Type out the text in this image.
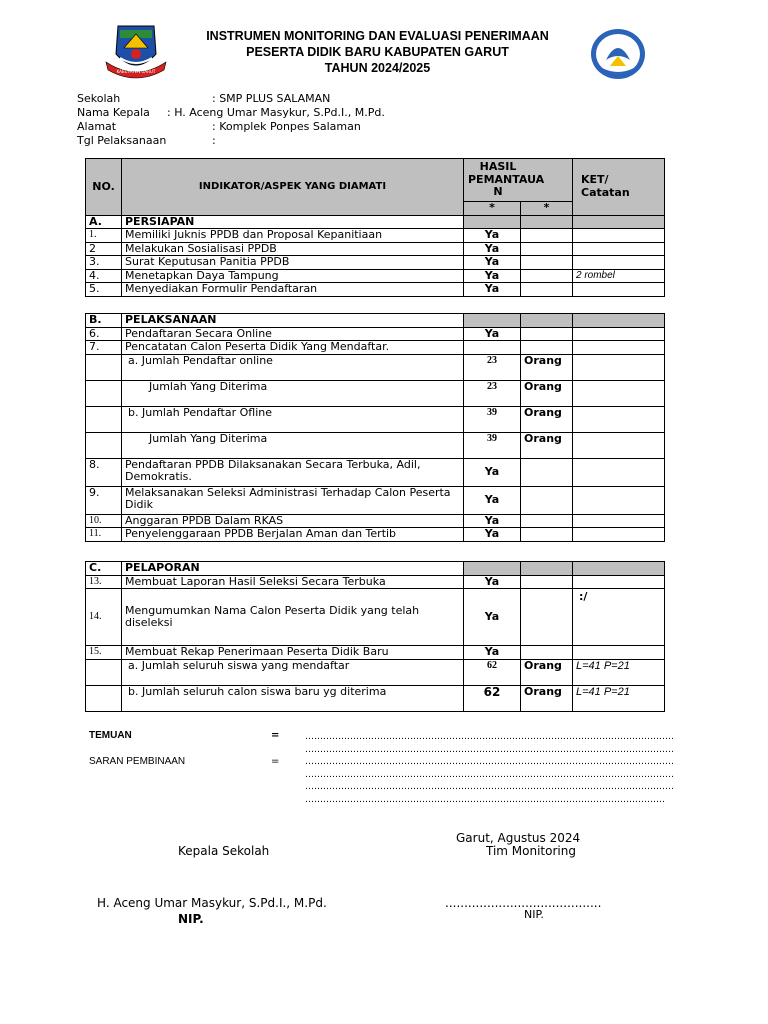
KABUPATEN GARUT
TUT WURI HANDAY
INSTRUMEN MONITORING DAN EVALUASI PENERIMAAN
PESERTA DIDIK BARU KABUPATEN GARUT
TAHUN 2024/2025
Sekolah	: SMP PLUS SALAMAN
Nama Kepala	: H. Aceng Umar Masykur, S.Pd.I., M.Pd.
Alamat	: Komplek Ponpes Salaman
Tgl Pelaksanaan	:
NO.	INDIKATOR/ASPEK YANG DIAMATI	HASIL PEMANTAUA N		KET/ Catatan
		*	*	
A.	PERSIAPAN			
1.	Memiliki Juknis PPDB dan Proposal Kepanitiaan	Ya		
2	Melakukan Sosialisasi PPDB	Ya		
3.	Surat Keputusan Panitia PPDB	Ya		
4.	Menetapkan Daya Tampung	Ya		2 rombel
5.	Menyediakan Formulir Pendaftaran	Ya		
B.	PELAKSANAAN			
6.	Pendaftaran Secara Online	Ya		
7.	Pencatatan Calon Peserta Didik Yang Mendaftar.			
	a. Jumlah Pendaftar online	23	Orang	
	Jumlah Yang Diterima	23	Orang	
	b. Jumlah Pendaftar Ofline	39	Orang	
	Jumlah Yang Diterima	39	Orang	
8.	Pendaftaran PPDB Dilaksanakan Secara Terbuka, Adil, Demokratis.	Ya		
9.	Melaksanakan Seleksi Administrasi Terhadap Calon Peserta Didik	Ya		
10.	Anggaran PPDB Dalam RKAS	Ya		
11.	Penyelenggaraan PPDB Berjalan Aman dan Tertib	Ya		
C.	PELAPORAN			
13.	Membuat Laporan Hasil Seleksi Secara Terbuka	Ya		
14.	Mengumumkan Nama Calon Peserta Didik yang telah diseleksi	Ya		:/
15.	Membuat Rekap Penerimaan Peserta Didik Baru	Ya		
	a. Jumlah seluruh siswa yang mendaftar	62	Orang	L=41 P=21
	b. Jumlah seluruh calon siswa baru yg diterima	62	Orang	L=41 P=21
TEMUAN	=
SARAN PEMBINAAN	=
……………………………………………………………………………………………………………
……………………………………………………………………………………………………………
……………………………………………………………………………………………………………
……………………………………………………………………………………………………………
……………………………………………………………………………………………………………
…………………………………………………………………………………………………………
Garut, Agustus 2024
Kepala Sekolah	Tim Monitoring
H. Aceng Umar Masykur, S.Pd.I., M.Pd.
NIP.
.........................................
NIP.
